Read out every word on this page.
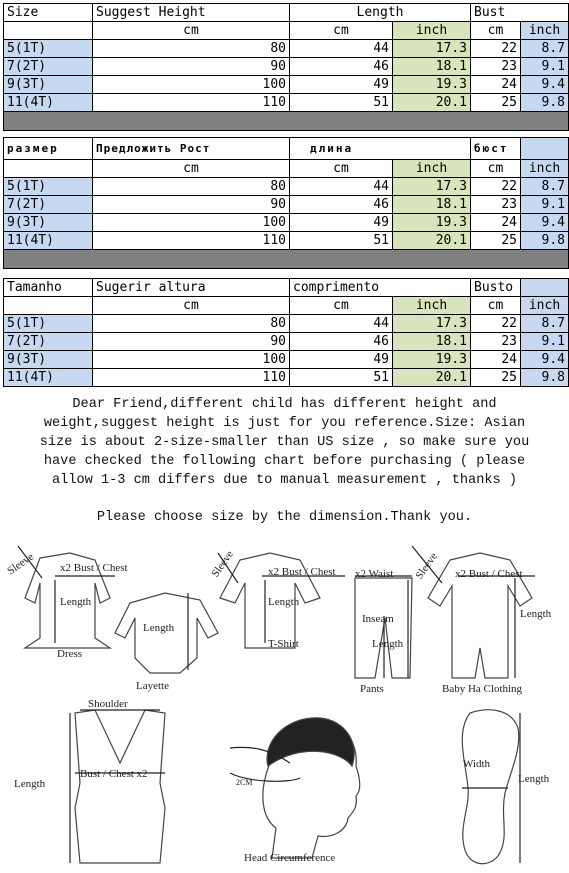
Size	Suggest Height	Length		Bust	
	cm	cm	inch	cm	inch
5(1T)	80	44	17.3	22	8.7
7(2T)	90	46	18.1	23	9.1
9(3T)	100	49	19.3	24	9.4
11(4T)	110	51	20.1	25	9.8

размер	Предложить Рост	длина		бюст	
	cm	cm	inch	cm	inch
5(1T)	80	44	17.3	22	8.7
7(2T)	90	46	18.1	23	9.1
9(3T)	100	49	19.3	24	9.4
11(4T)	110	51	20.1	25	9.8

Tamanho	Sugerir altura	comprimento		Busto	
	cm	cm	inch	cm	inch
5(1T)	80	44	17.3	22	8.7
7(2T)	90	46	18.1	23	9.1
9(3T)	100	49	19.3	24	9.4
11(4T)	110	51	20.1	25	9.8

Dear Friend,different child has different height and

weight,suggest height is just for you reference.Size: Asian

size is about 2-size-smaller than US size , so make sure you

have checked the following chart before purchasing ( please

allow 1-3 cm differs due to manual measurement , thanks )

Please choose size by the dimension.Thank you.

Sleeve x2 Bust / Chest
Length
Dress
Length
Layette
Sleeve	x2 Bust / Chest
Length
T-Shirt
x2 Waist
Inseam
Length
Pants
Sleeve x2 Bust / Chest
Length
Baby Ha Clothing
Shoulder
Bust / Chest x2
Length	2CM
Head Circumference
Width
Length
